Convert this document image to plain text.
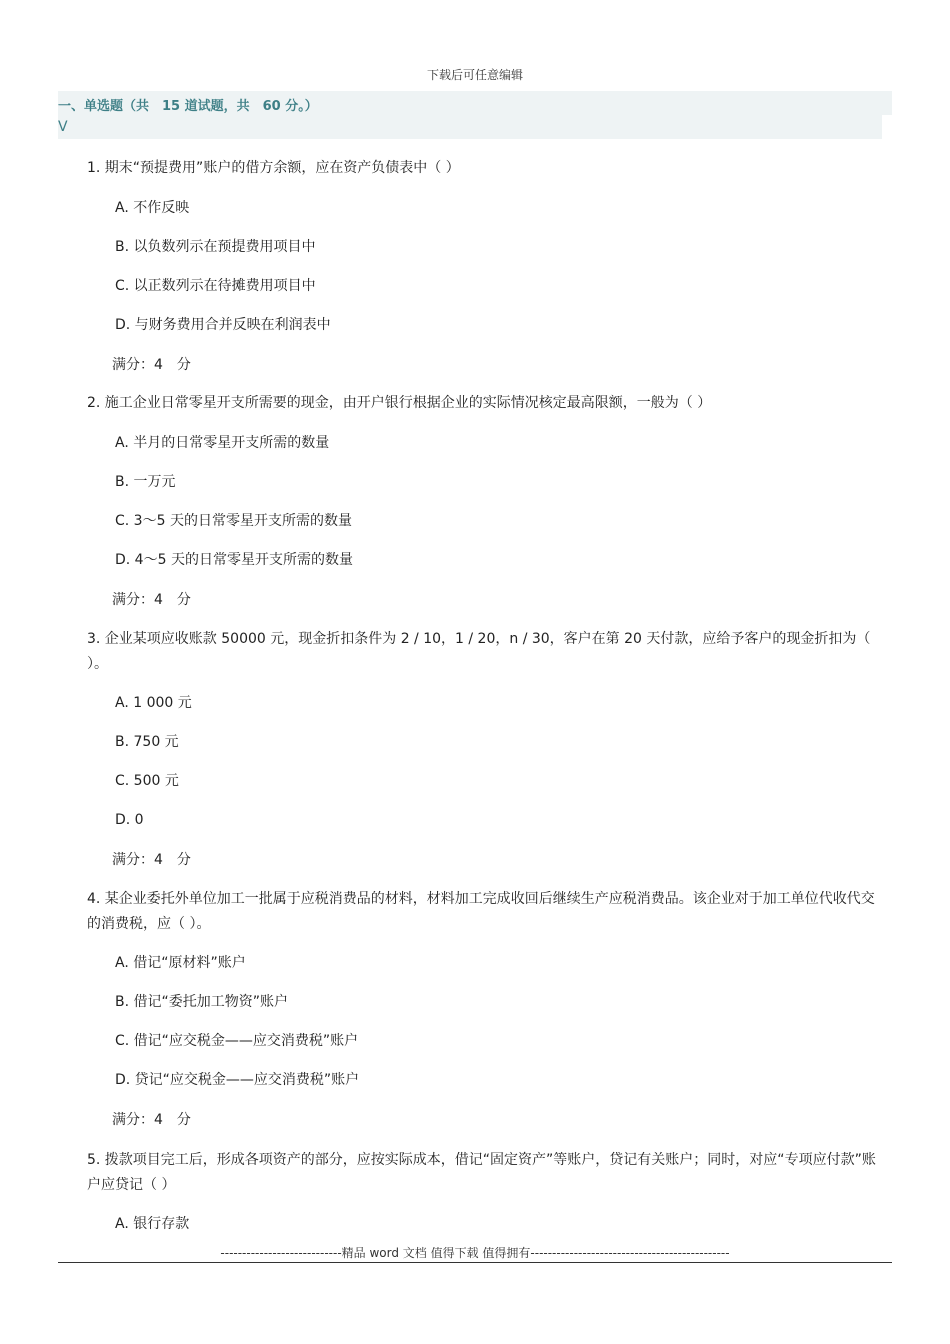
下载后可任意编辑
一、单选题（共　15 道试题，共　60 分。）
V
1. 期末“预提费用”账户的借方余额，应在资产负债表中（ ）
A. 不作反映
B. 以负数列示在预提费用项目中
C. 以正数列示在待摊费用项目中
D. 与财务费用合并反映在利润表中
满分：4　分
2. 施工企业日常零星开支所需要的现金，由开户银行根据企业的实际情况核定最高限额，一般为（ ）
A. 半月的日常零星开支所需的数量
B. 一万元
C. 3～5 天的日常零星开支所需的数量
D. 4～5 天的日常零星开支所需的数量
满分：4　分
3. 企业某项应收账款 50000 元，现金折扣条件为 2 / 10，1 / 20，n / 30，客户在第 20 天付款，应给予客户的现金折扣为（ ）。
A. 1 000 元
B. 750 元
C. 500 元
D. 0
满分：4　分
4. 某企业委托外单位加工一批属于应税消费品的材料，材料加工完成收回后继续生产应税消费品。该企业对于加工单位代收代交的消费税，应（ ）。
A. 借记“原材料”账户
B. 借记“委托加工物资”账户
C. 借记“应交税金——应交消费税”账户
D. 贷记“应交税金——应交消费税”账户
满分：4　分
5. 拨款项目完工后，形成各项资产的部分，应按实际成本，借记“固定资产”等账户，贷记有关账户；同时，对应“专项应付款”账户应贷记（ ）
A. 银行存款
----------------------------精品 word 文档 值得下载 值得拥有----------------------------------------------
